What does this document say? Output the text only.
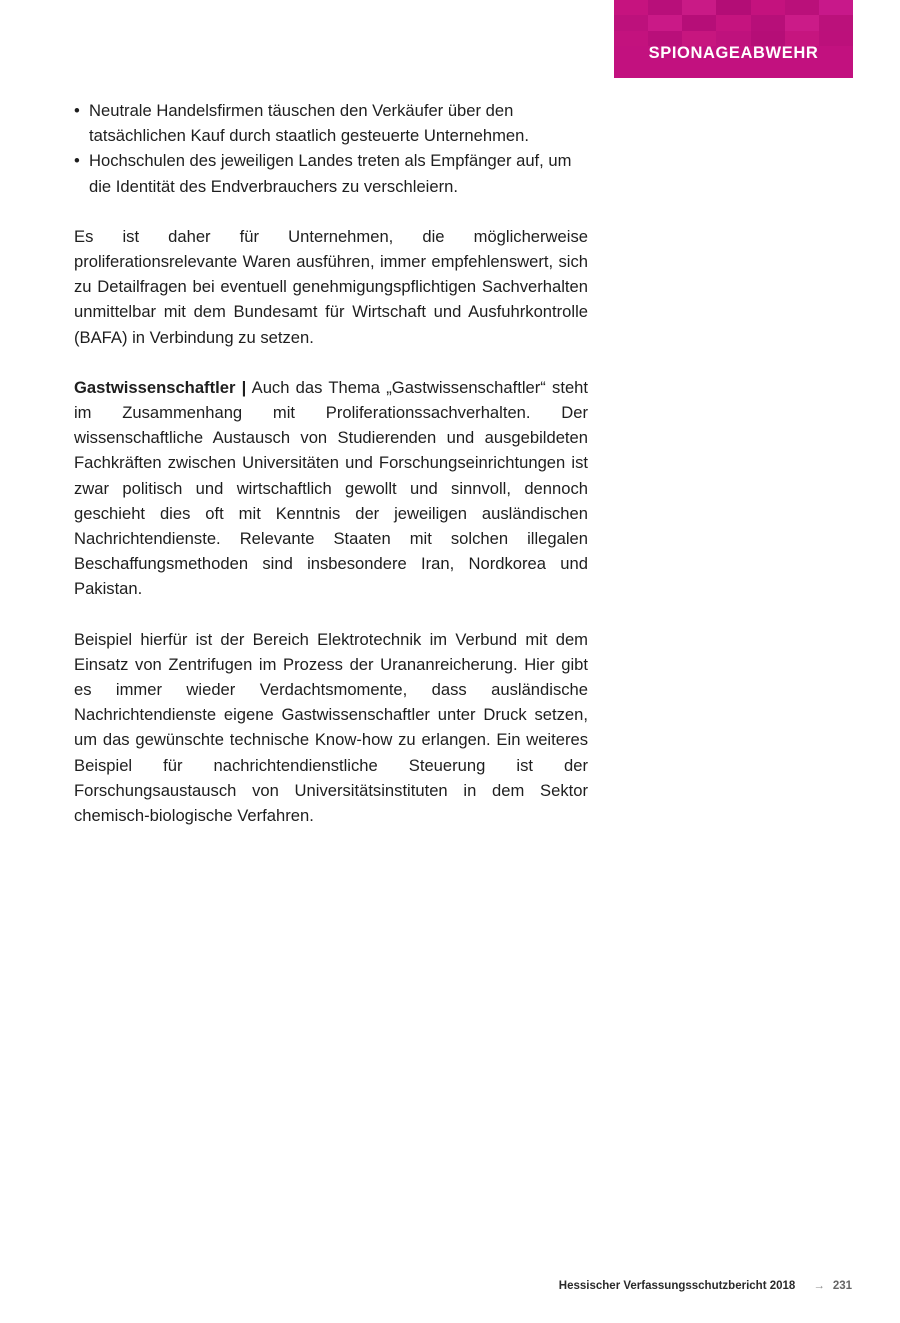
SPIONAGEABWEHR
• Neutrale Handelsfirmen täuschen den Verkäufer über den tatsächlichen Kauf durch staatlich gesteuerte Unternehmen.
• Hochschulen des jeweiligen Landes treten als Empfänger auf, um die Identität des Endverbrauchers zu verschleiern.

Es ist daher für Unternehmen, die möglicherweise proliferationsrelevante Waren ausführen, immer empfehlenswert, sich zu Detailfragen bei eventuell genehmigungspflichtigen Sachverhalten unmittelbar mit dem Bundesamt für Wirtschaft und Ausfuhrkontrolle (BAFA) in Verbindung zu setzen.

Gastwissenschaftler | Auch das Thema „Gastwissenschaftler“ steht im Zusammenhang mit Proliferationssachverhalten. Der wissenschaftliche Austausch von Studierenden und ausgebildeten Fachkräften zwischen Universitäten und Forschungseinrichtungen ist zwar politisch und wirtschaftlich gewollt und sinnvoll, dennoch geschieht dies oft mit Kenntnis der jeweiligen ausländischen Nachrichtendienste. Relevante Staaten mit solchen illegalen Beschaffungsmethoden sind insbesondere Iran, Nordkorea und Pakistan.

Beispiel hierfür ist der Bereich Elektrotechnik im Verbund mit dem Einsatz von Zentrifugen im Prozess der Urananreicherung. Hier gibt es immer wieder Verdachtsmomente, dass ausländische Nachrichtendienste eigene Gastwissenschaftler unter Druck setzen, um das gewünschte technische Know-how zu erlangen. Ein weiteres Beispiel für nachrichtendienstliche Steuerung ist der Forschungsaustausch von Universitätsinstituten in dem Sektor chemisch-biologische Verfahren.

Hessischer Verfassungsschutzbericht 2018 → 231
